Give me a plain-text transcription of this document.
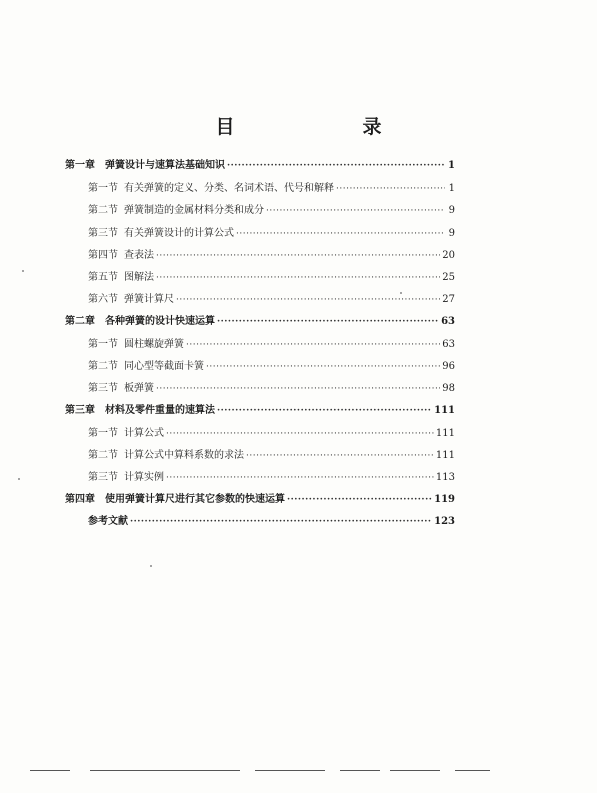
目　　录
第一章	弹簧设计与速算法基础知识 ·····	1
第一节 有关弹簧的定义、分类、名词术语、代号和解释 ·····	1
第二节 弹簧制造的金属材料分类和成分 ·····	9
第三节 有关弹簧设计的计算公式 ·····	9
第四节 查表法 ·····	20
第五节 图解法 ·····	25
第六节 弹簧计算尺 ·····	27
第二章	各种弹簧的设计快速运算 ·····	63
第一节 圆柱螺旋弹簧 ·····	63
第二节 同心型等截面卡簧 ·····	96
第三节 板弹簧 ·····	98
第三章	材料及零件重量的速算法 ·····	111
第一节 计算公式 ·····	111
第二节 计算公式中算料系数的求法 ·····	111
第三节 计算实例 ·····	113
第四章	使用弹簧计算尺进行其它参数的快速运算 ·····	119
参考文献 ·····	123
